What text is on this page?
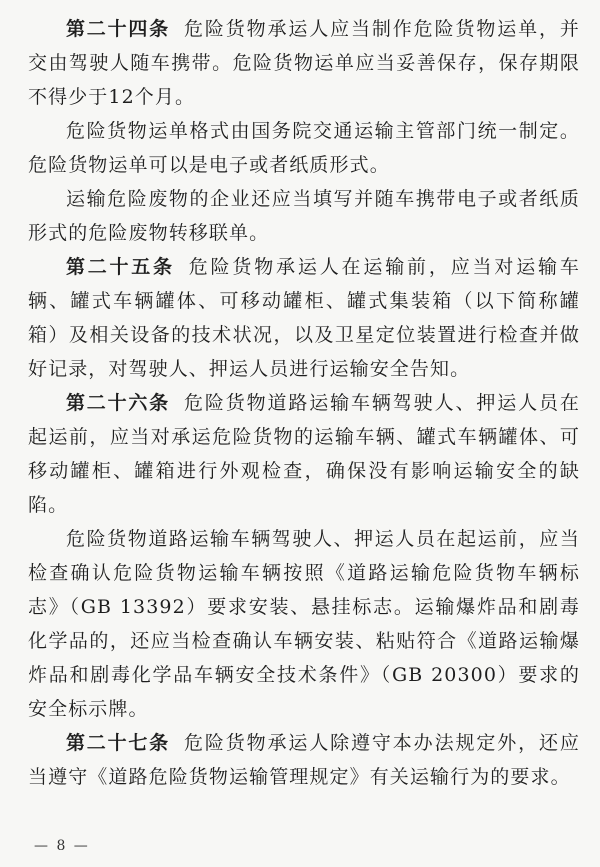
第二十四条 危险货物承运人应当制作危险货物运单，并交由驾驶人随车携带。危险货物运单应当妥善保存，保存期限不得少于12个月。

危险货物运单格式由国务院交通运输主管部门统一制定。危险货物运单可以是电子或者纸质形式。

运输危险废物的企业还应当填写并随车携带电子或者纸质形式的危险废物转移联单。

第二十五条 危险货物承运人在运输前，应当对运输车辆、罐式车辆罐体、可移动罐柜、罐式集装箱（以下简称罐箱）及相关设备的技术状况，以及卫星定位装置进行检查并做好记录，对驾驶人、押运人员进行运输安全告知。

第二十六条 危险货物道路运输车辆驾驶人、押运人员在起运前，应当对承运危险货物的运输车辆、罐式车辆罐体、可移动罐柜、罐箱进行外观检查，确保没有影响运输安全的缺陷。

危险货物道路运输车辆驾驶人、押运人员在起运前，应当检查确认危险货物运输车辆按照《道路运输危险货物车辆标志》（GB 13392）要求安装、悬挂标志。运输爆炸品和剧毒化学品的，还应当检查确认车辆安装、粘贴符合《道路运输爆炸品和剧毒化学品车辆安全技术条件》（GB 20300）要求的安全标示牌。

第二十七条 危险货物承运人除遵守本办法规定外，还应当遵守《道路危险货物运输管理规定》有关运输行为的要求。

— 8 —
